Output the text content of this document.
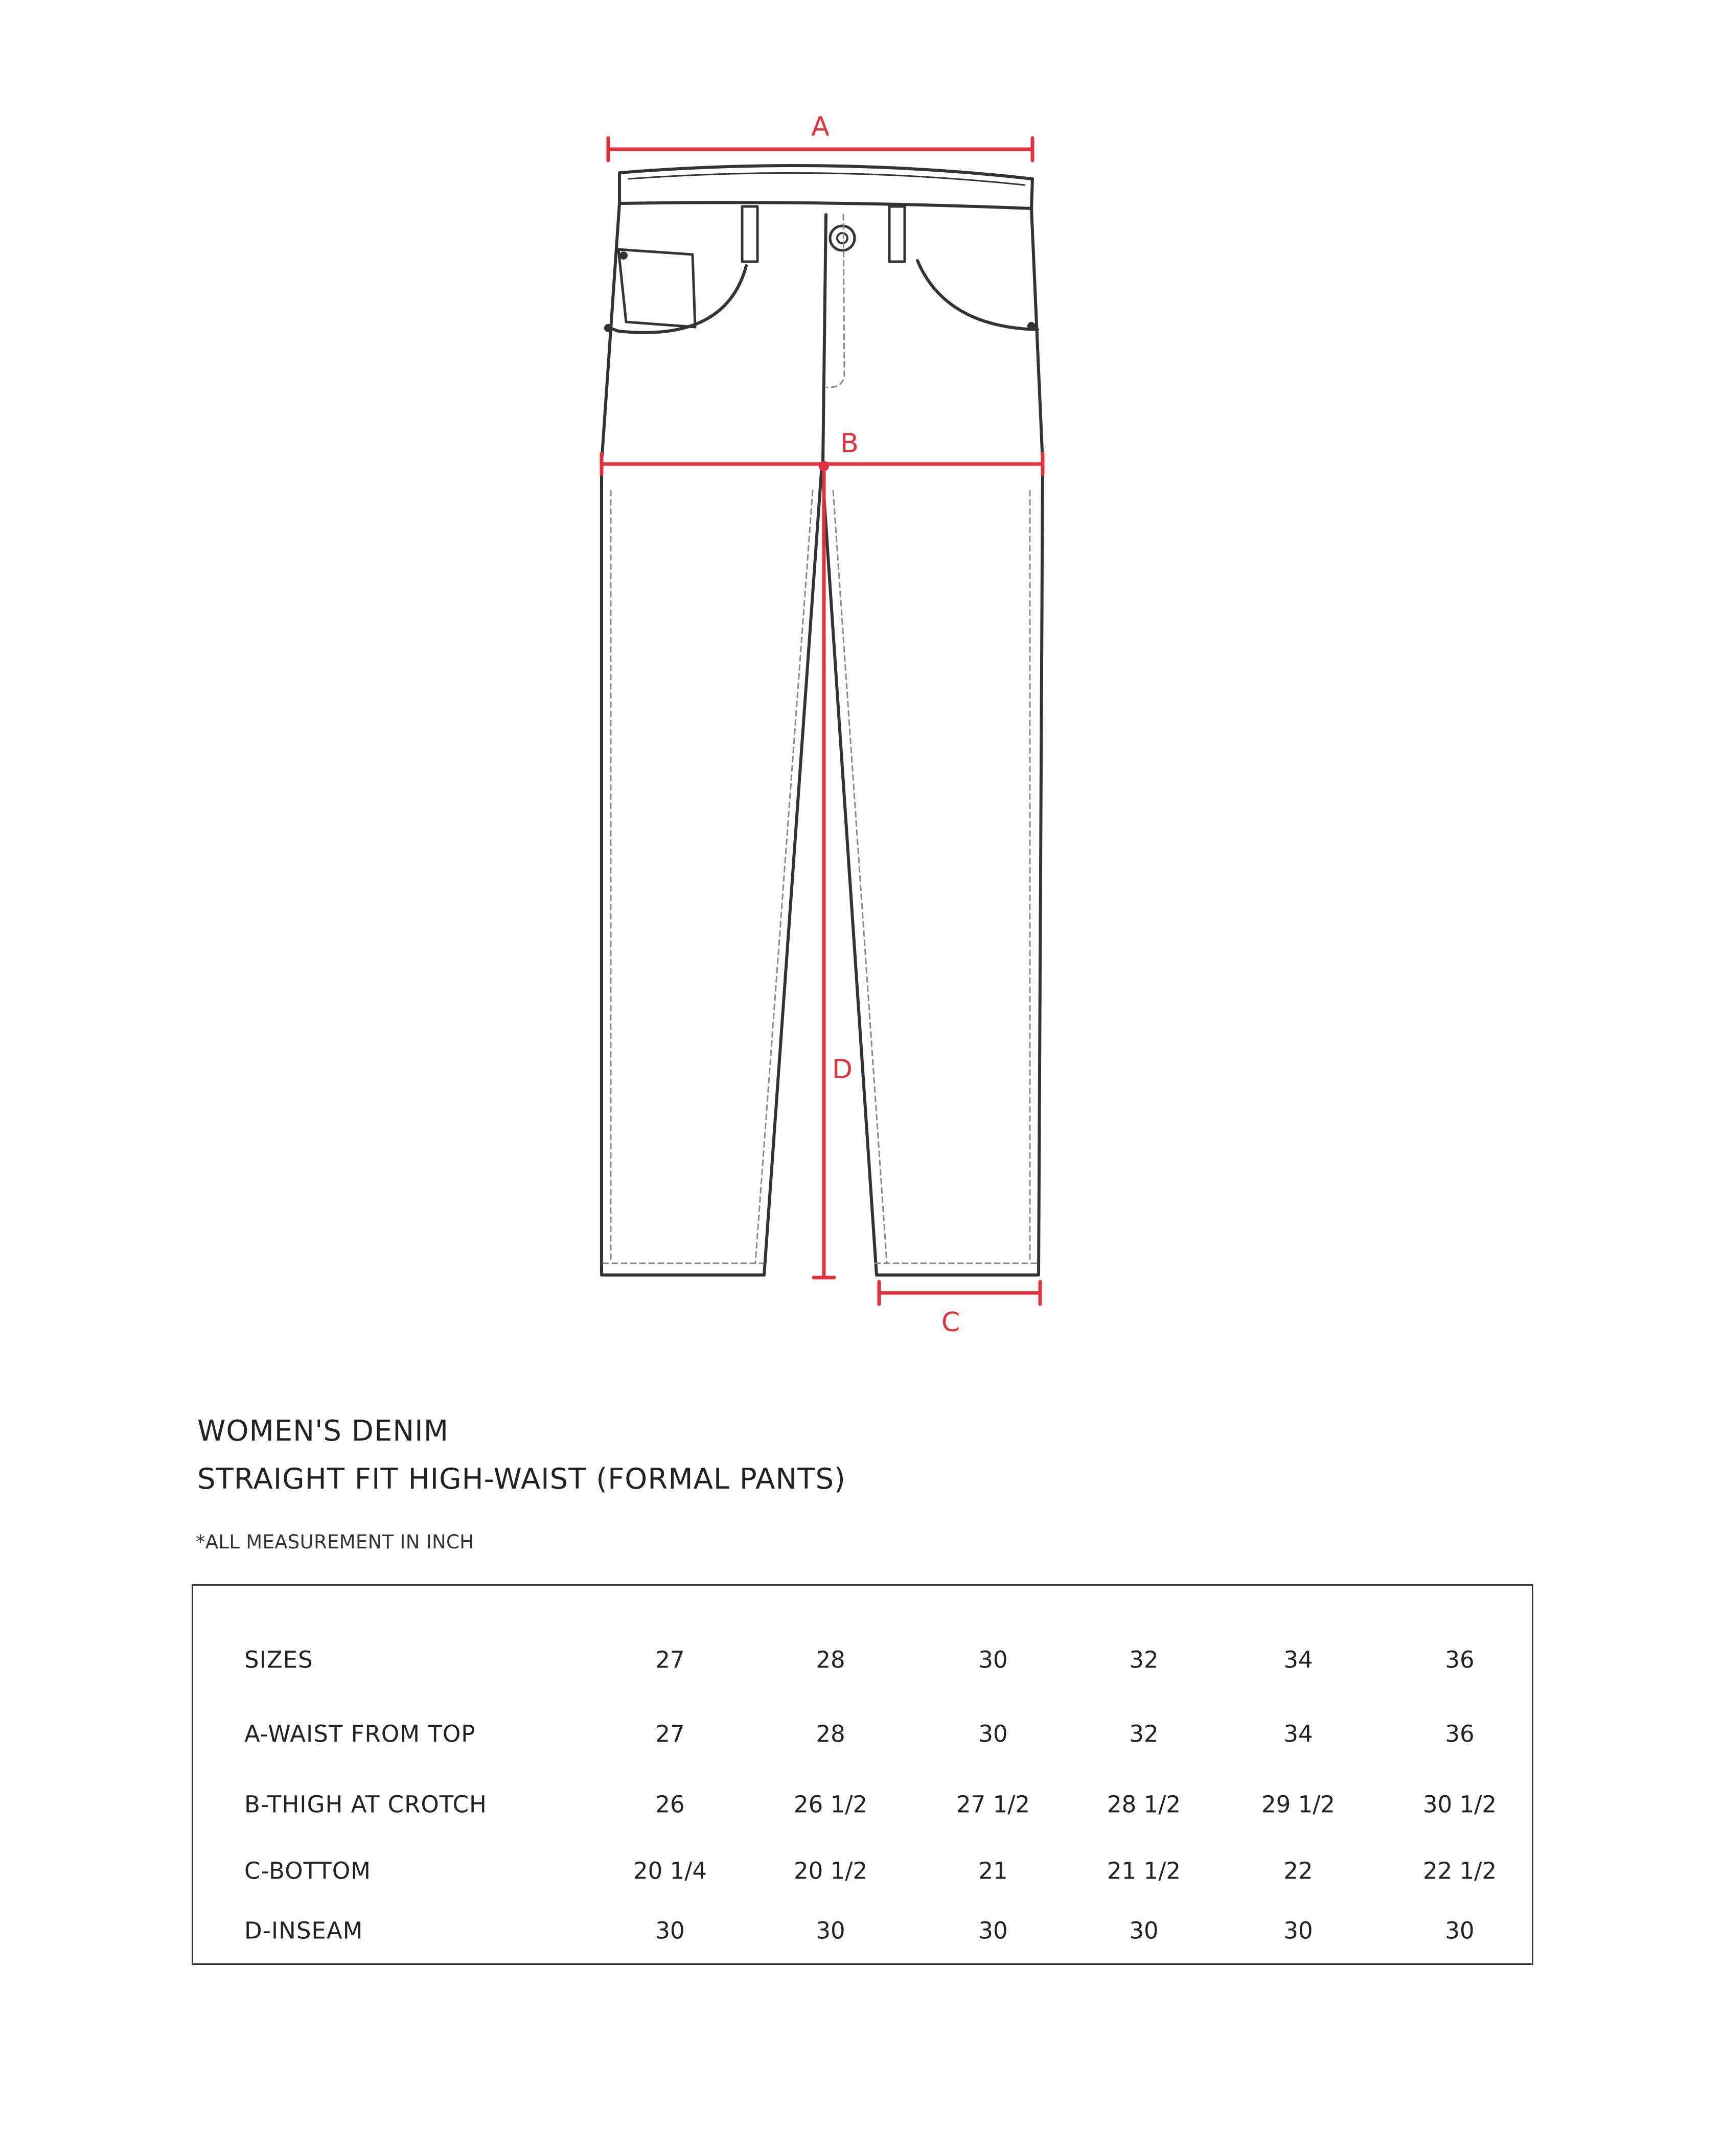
A
B
D
C
WOMEN'S DENIM
STRAIGHT FIT HIGH-WAIST (FORMAL PANTS)
*ALL MEASUREMENT IN INCH
SIZES	27	28	30	32	34	36
A-WAIST FROM TOP	27	28	30	32	34	36
B-THIGH AT CROTCH	26	26 1/2	27 1/2	28 1/2	29 1/2	30 1/2
C-BOTTOM	20 1/4	20 1/2	21	21 1/2	22	22 1/2
D-INSEAM	30	30	30	30	30	30
